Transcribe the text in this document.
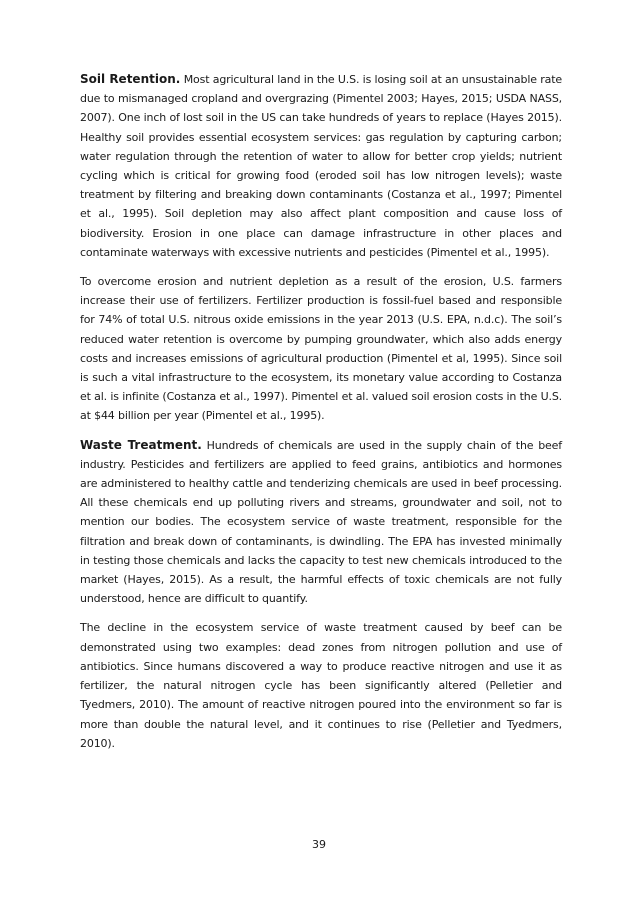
Soil Retention. Most agricultural land in the U.S. is losing soil at an unsustainable rate due to mismanaged cropland and overgrazing (Pimentel 2003; Hayes, 2015; USDA NASS, 2007). One inch of lost soil in the US can take hundreds of years to replace (Hayes 2015). Healthy soil provides essential ecosystem services: gas regulation by capturing carbon; water regulation through the retention of water to allow for better crop yields; nutrient cycling which is critical for growing food (eroded soil has low nitrogen levels); waste treatment by filtering and breaking down contaminants (Costanza et al., 1997; Pimentel et al., 1995). Soil depletion may also affect plant composition and cause loss of biodiversity. Erosion in one place can damage infrastructure in other places and contaminate waterways with excessive nutrients and pesticides (Pimentel et al., 1995).

To overcome erosion and nutrient depletion as a result of the erosion, U.S. farmers increase their use of fertilizers. Fertilizer production is fossil-fuel based and responsible for 74% of total U.S. nitrous oxide emissions in the year 2013 (U.S. EPA, n.d.c). The soil’s reduced water retention is overcome by pumping groundwater, which also adds energy costs and increases emissions of agricultural production (Pimentel et al, 1995). Since soil is such a vital infrastructure to the ecosystem, its monetary value according to Costanza et al. is infinite (Costanza et al., 1997). Pimentel et al. valued soil erosion costs in the U.S. at $44 billion per year (Pimentel et al., 1995).

Waste Treatment. Hundreds of chemicals are used in the supply chain of the beef industry. Pesticides and fertilizers are applied to feed grains, antibiotics and hormones are administered to healthy cattle and tenderizing chemicals are used in beef processing. All these chemicals end up polluting rivers and streams, groundwater and soil, not to mention our bodies. The ecosystem service of waste treatment, responsible for the filtration and break down of contaminants, is dwindling. The EPA has invested minimally in testing those chemicals and lacks the capacity to test new chemicals introduced to the market (Hayes, 2015). As a result, the harmful effects of toxic chemicals are not fully understood, hence are difficult to quantify.

The decline in the ecosystem service of waste treatment caused by beef can be demonstrated using two examples: dead zones from nitrogen pollution and use of antibiotics. Since humans discovered a way to produce reactive nitrogen and use it as fertilizer, the natural nitrogen cycle has been significantly altered (Pelletier and Tyedmers, 2010). The amount of reactive nitrogen poured into the environment so far is more than double the natural level, and it continues to rise (Pelletier and Tyedmers, 2010).

39
